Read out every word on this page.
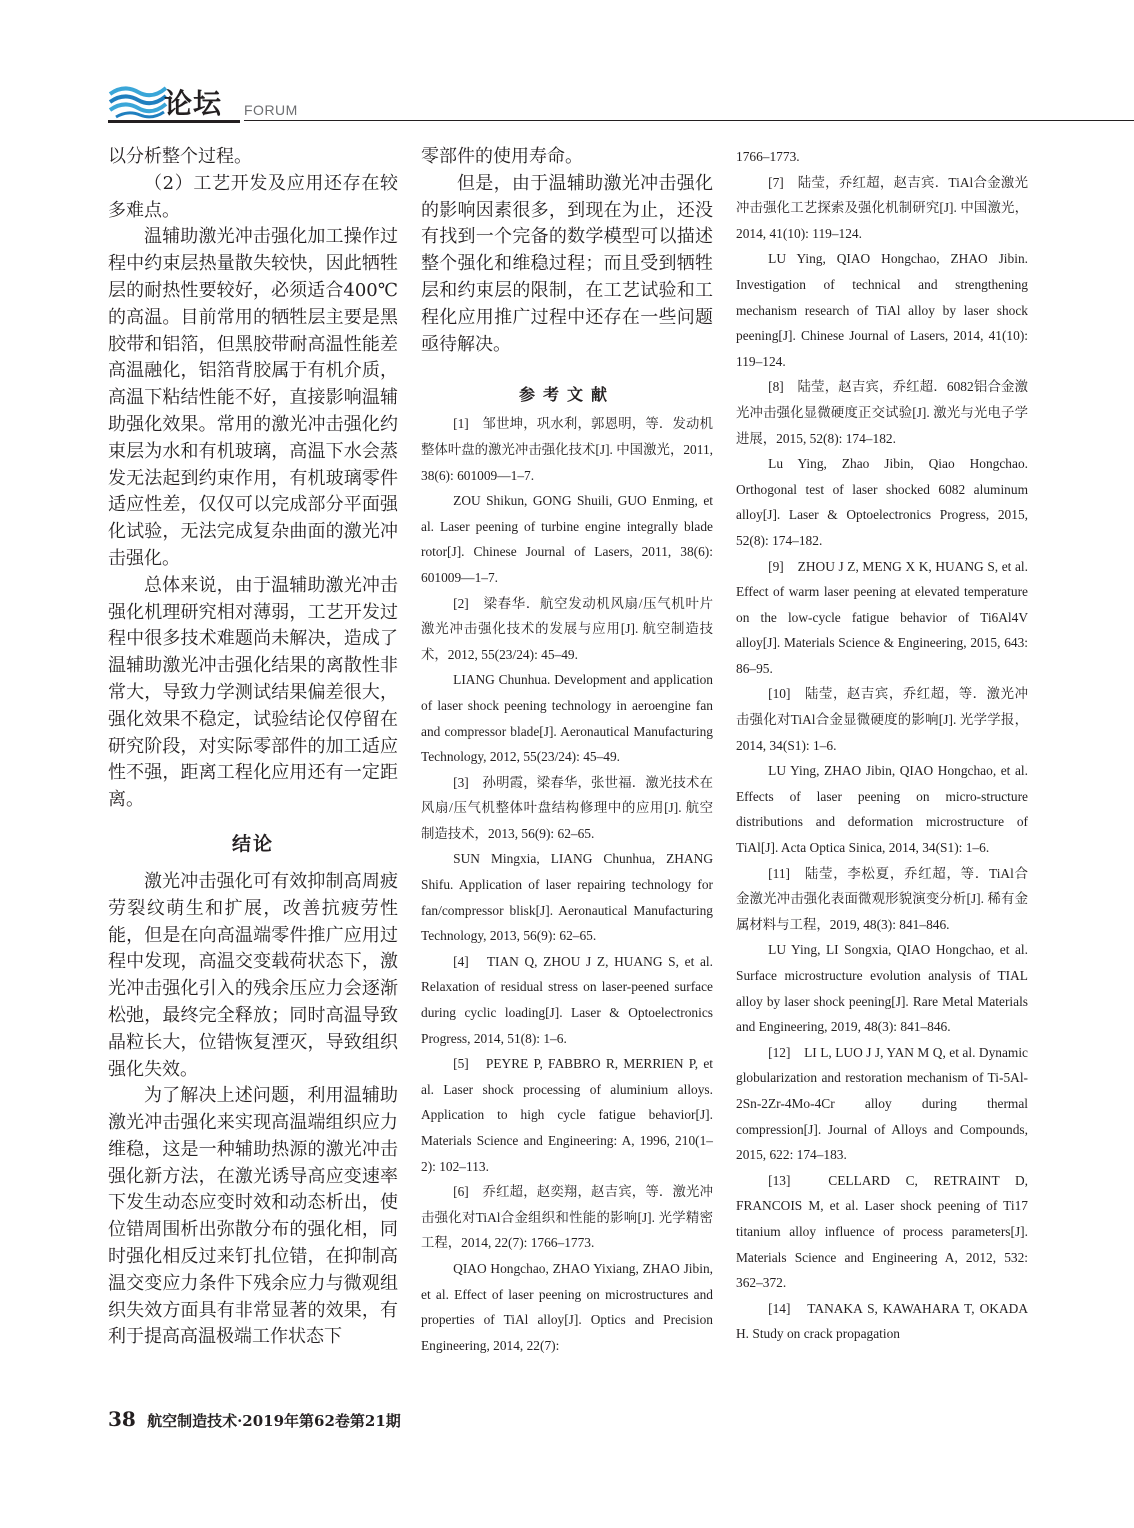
论坛 FORUM

以分析整个过程。

（2）工艺开发及应用还存在较多难点。

温辅助激光冲击强化加工操作过程中约束层热量散失较快，因此牺牲层的耐热性要较好，必须适合400℃的高温。目前常用的牺牲层主要是黑胶带和铝箔，但黑胶带耐高温性能差高温融化，铝箔背胶属于有机介质，高温下粘结性能不好，直接影响温辅助强化效果。常用的激光冲击强化约束层为水和有机玻璃，高温下水会蒸发无法起到约束作用，有机玻璃零件适应性差，仅仅可以完成部分平面强化试验，无法完成复杂曲面的激光冲击强化。

总体来说，由于温辅助激光冲击强化机理研究相对薄弱，工艺开发过程中很多技术难题尚未解决，造成了温辅助激光冲击强化结果的离散性非常大，导致力学测试结果偏差很大，强化效果不稳定，试验结论仅停留在研究阶段，对实际零部件的加工适应性不强，距离工程化应用还有一定距离。

结论

激光冲击强化可有效抑制高周疲劳裂纹萌生和扩展，改善抗疲劳性能，但是在向高温端零件推广应用过程中发现，高温交变载荷状态下，激光冲击强化引入的残余压应力会逐渐松弛，最终完全释放；同时高温导致晶粒长大，位错恢复湮灭，导致组织强化失效。

为了解决上述问题，利用温辅助激光冲击强化来实现高温端组织应力维稳，这是一种辅助热源的激光冲击强化新方法，在激光诱导高应变速率下发生动态应变时效和动态析出，使位错周围析出弥散分布的强化相，同时强化相反过来钉扎位错，在抑制高温交变应力条件下残余应力与微观组织失效方面具有非常显著的效果，有利于提高高温极端工作状态下

零部件的使用寿命。

但是，由于温辅助激光冲击强化的影响因素很多，到现在为止，还没有找到一个完备的数学模型可以描述整个强化和维稳过程；而且受到牺牲层和约束层的限制，在工艺试验和工程化应用推广过程中还存在一些问题亟待解决。

参考文献

[1]　邹世坤，巩水利，郭恩明，等．发动机整体叶盘的激光冲击强化技术[J]. 中国激光，2011, 38(6): 601009—1–7.

ZOU Shikun, GONG Shuili, GUO Enming, et al. Laser peening of turbine engine integrally blade rotor[J]. Chinese Journal of Lasers, 2011, 38(6): 601009—1–7.

[2]　梁春华．航空发动机风扇/压气机叶片激光冲击强化技术的发展与应用[J]. 航空制造技术，2012, 55(23/24): 45–49.

LIANG Chunhua. Development and application of laser shock peening technology in aeroengine fan and compressor blade[J]. Aeronautical Manufacturing Technology, 2012, 55(23/24): 45–49.

[3]　孙明霞，梁春华，张世福．激光技术在风扇/压气机整体叶盘结构修理中的应用[J]. 航空制造技术，2013, 56(9): 62–65.

SUN Mingxia, LIANG Chunhua, ZHANG Shifu. Application of laser repairing technology for fan/compressor blisk[J]. Aeronautical Manufacturing Technology, 2013, 56(9): 62–65.

[4]　TIAN Q, ZHOU J Z, HUANG S, et al. Relaxation of residual stress on laser-peened surface during cyclic loading[J]. Laser & Optoelectronics Progress, 2014, 51(8): 1–6.

[5]　PEYRE P, FABBRO R, MERRIEN P, et al. Laser shock processing of aluminium alloys. Application to high cycle fatigue behavior[J]. Materials Science and Engineering: A, 1996, 210(1–2): 102–113.

[6]　乔红超，赵奕翔，赵吉宾，等．激光冲击强化对TiAl合金组织和性能的影响[J]. 光学精密工程，2014, 22(7): 1766–1773.

QIAO Hongchao, ZHAO Yixiang, ZHAO Jibin, et al. Effect of laser peening on microstructures and properties of TiAl alloy[J]. Optics and Precision Engineering, 2014, 22(7):

1766–1773.

[7]　陆莹，乔红超，赵吉宾．TiAl合金激光冲击强化工艺探索及强化机制研究[J]. 中国激光，2014, 41(10): 119–124.

LU Ying, QIAO Hongchao, ZHAO Jibin. Investigation of technical and strengthening mechanism research of TiAl alloy by laser shock peening[J]. Chinese Journal of Lasers, 2014, 41(10): 119–124.

[8]　陆莹，赵吉宾，乔红超．6082铝合金激光冲击强化显微硬度正交试验[J]. 激光与光电子学进展，2015, 52(8): 174–182.

Lu Ying, Zhao Jibin, Qiao Hongchao. Orthogonal test of laser shocked 6082 aluminum alloy[J]. Laser & Optoelectronics Progress, 2015, 52(8): 174–182.

[9]　ZHOU J Z, MENG X K, HUANG S, et al. Effect of warm laser peening at elevated temperature on the low-cycle fatigue behavior of Ti6Al4V alloy[J]. Materials Science & Engineering, 2015, 643: 86–95.

[10]　陆莹，赵吉宾，乔红超，等．激光冲击强化对TiAl合金显微硬度的影响[J]. 光学学报，2014, 34(S1): 1–6.

LU Ying, ZHAO Jibin, QIAO Hongchao, et al. Effects of laser peening on micro-structure distributions and deformation microstructure of TiAl[J]. Acta Optica Sinica, 2014, 34(S1): 1–6.

[11]　陆莹，李松夏，乔红超，等．TiAl合金激光冲击强化表面微观形貌演变分析[J]. 稀有金属材料与工程，2019, 48(3): 841–846.

LU Ying, LI Songxia, QIAO Hongchao, et al. Surface microstructure evolution analysis of TIAL alloy by laser shock peening[J]. Rare Metal Materials and Engineering, 2019, 48(3): 841–846.

[12]　LI L, LUO J J, YAN M Q, et al. Dynamic globularization and restoration mechanism of Ti-5Al-2Sn-2Zr-4Mo-4Cr alloy during thermal compression[J]. Journal of Alloys and Compounds, 2015, 622: 174–183.

[13]　CELLARD C, RETRAINT D, FRANCOIS M, et al. Laser shock peening of Ti17 titanium alloy influence of process parameters[J]. Materials Science and Engineering A, 2012, 532: 362–372.

[14]　TANAKA S, KAWAHARA T, OKADA H. Study on crack propagation

38 航空制造技术·2019年第62卷第21期
